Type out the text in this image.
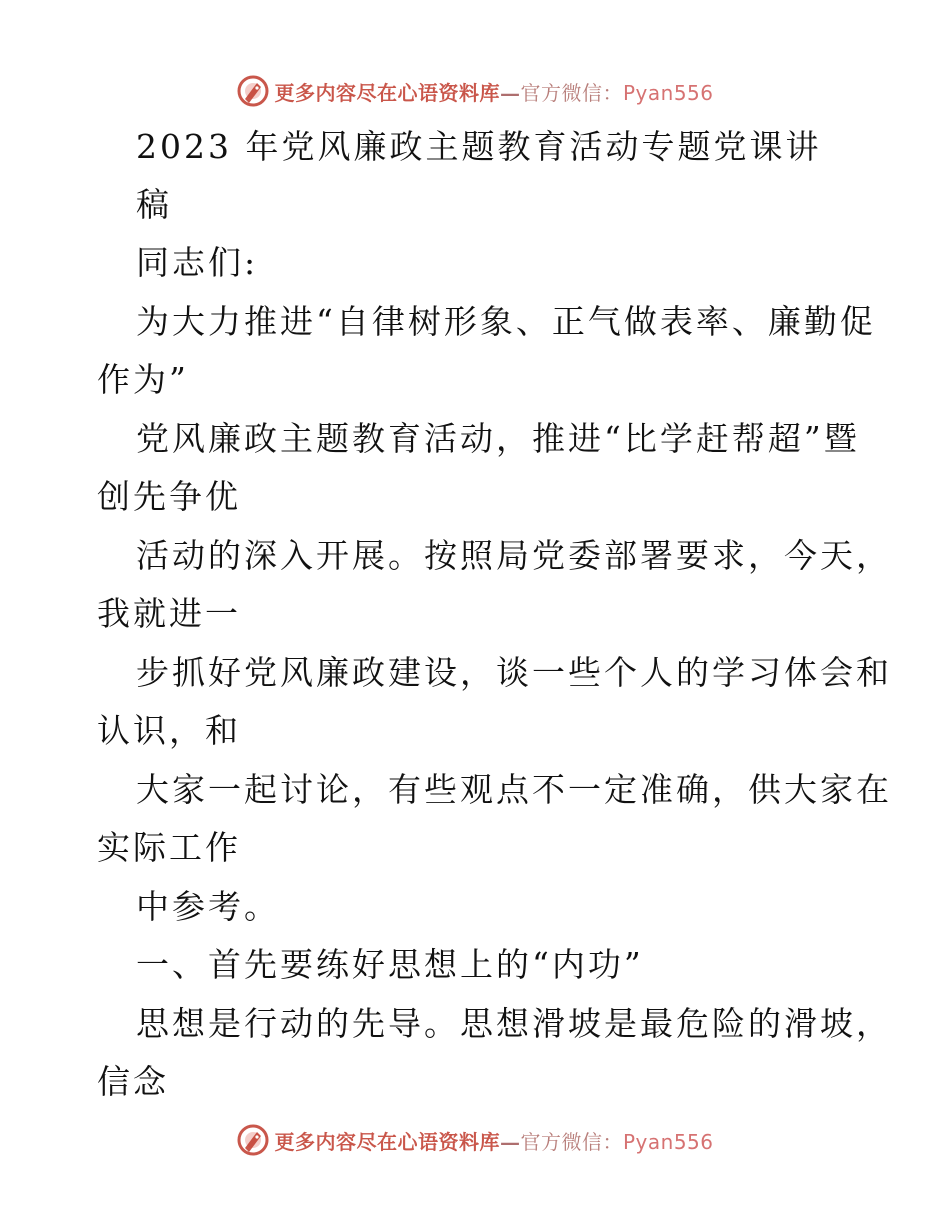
更多内容尽在心语资料库—官方微信：Pyan556
2023 年党风廉政主题教育活动专题党课讲
稿
同志们:
为大力推进“自律树形象、正气做表率、廉勤促
作为”
党风廉政主题教育活动，推进“比学赶帮超”暨
创先争优
活动的深入开展。按照局党委部署要求，今天，
我就进一
步抓好党风廉政建设，谈一些个人的学习体会和
认识，和
大家一起讨论，有些观点不一定准确，供大家在
实际工作
中参考。
一、首先要练好思想上的“内功”
思想是行动的先导。思想滑坡是最危险的滑坡，
信念
更多内容尽在心语资料库—官方微信：Pyan556
